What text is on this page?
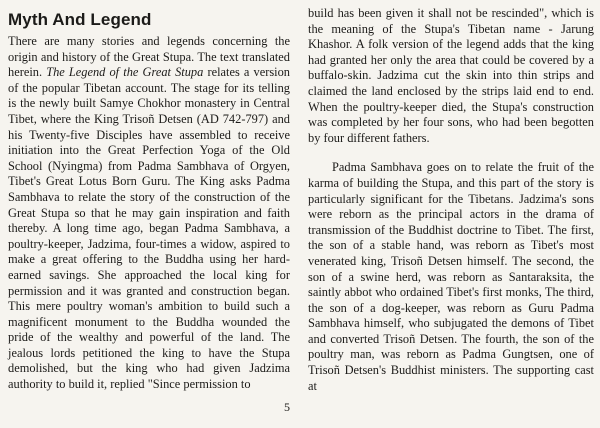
Myth And Legend

There are many stories and legends concerning the origin and history of the Great Stupa. The text translated herein. The Legend of the Great Stupa relates a version of the popular Tibetan account. The stage for its telling is the newly built Samye Chokhor monastery in Central Tibet, where the King Trisoñ Detsen (AD 742-797) and his Twenty-five Disciples have assembled to receive initiation into the Great Perfection Yoga of the Old School (Nyingma) from Padma Sambhava of Orgyen, Tibet's Great Lotus Born Guru. The King asks Padma Sambhava to relate the story of the construction of the Great Stupa so that he may gain inspiration and faith thereby. A long time ago, began Padma Sambhava, a poultry-keeper, Jadzima, four-times a widow, aspired to make a great offering to the Buddha using her hard-earned savings. She approached the local king for permission and it was granted and construction began. This mere poultry woman's ambition to build such a magnificent monument to the Buddha wounded the pride of the wealthy and powerful of the land. The jealous lords petitioned the king to have the Stupa demolished, but the king who had given Jadzima authority to build it, replied "Since permission to

build has been given it shall not be rescinded", which is the meaning of the Stupa's Tibetan name - Jarung Khashor. A folk version of the legend adds that the king had granted her only the area that could be covered by a buffalo-skin. Jadzima cut the skin into thin strips and claimed the land enclosed by the strips laid end to end. When the poultry-keeper died, the Stupa's construction was completed by her four sons, who had been begotten by four different fathers.

Padma Sambhava goes on to relate the fruit of the karma of building the Stupa, and this part of the story is particularly significant for the Tibetans. Jadzima's sons were reborn as the principal actors in the drama of transmission of the Buddhist doctrine to Tibet. The first, the son of a stable hand, was reborn as Tibet's most venerated king, Trisoñ Detsen himself. The second, the son of a swine herd, was reborn as Santaraksita, the saintly abbot who ordained Tibet's first monks, The third, the son of a dog-keeper, was reborn as Guru Padma Sambhava himself, who subjugated the demons of Tibet and converted Trisoñ Detsen. The fourth, the son of the poultry man, was reborn as Padma Gungtsen, one of Trisoñ Detsen's Buddhist ministers. The supporting cast at

5
